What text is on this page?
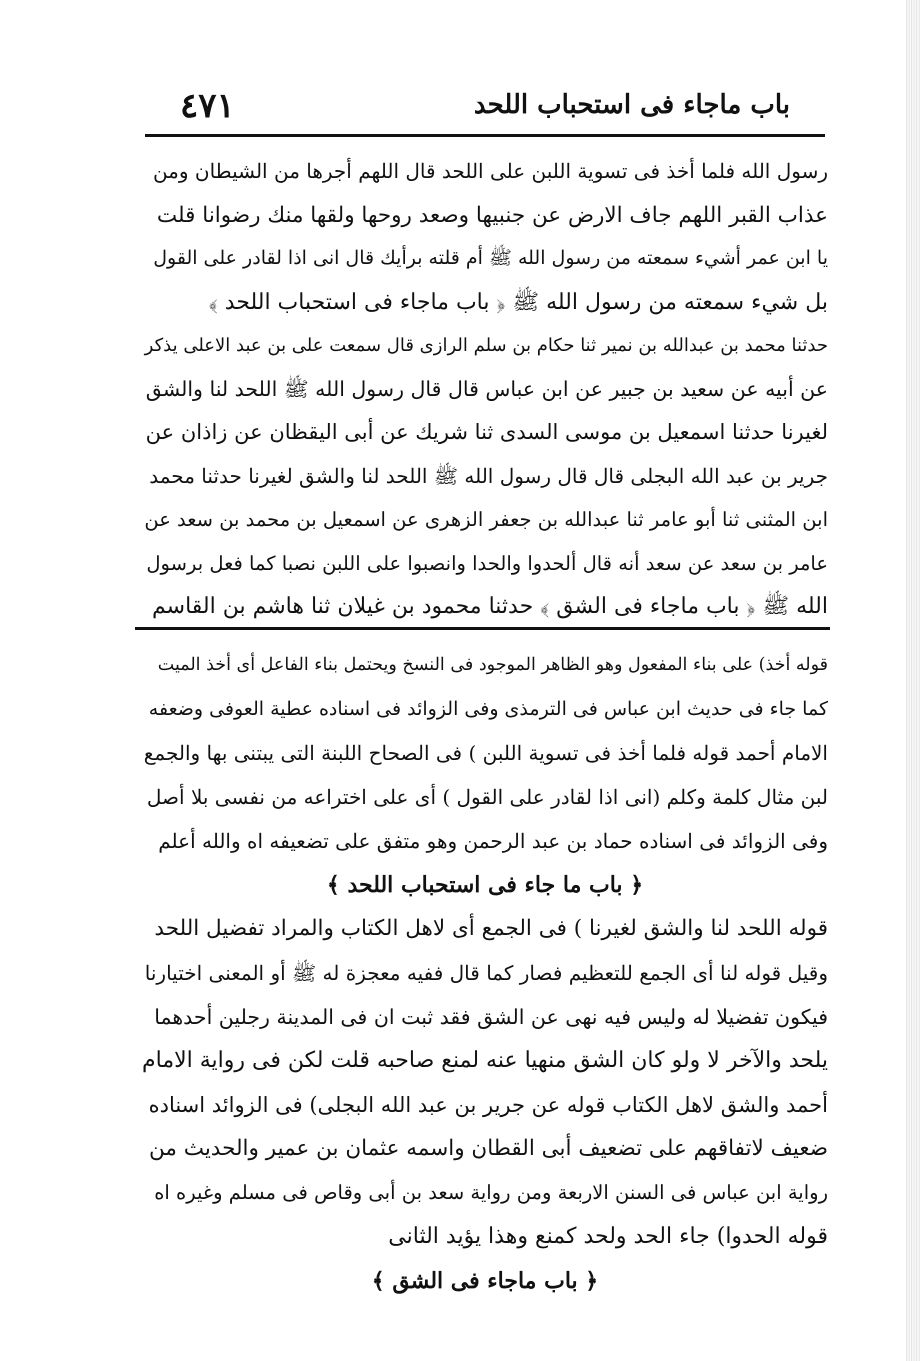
٤٧١	باب ماجاء فى استحباب اللحد
رسول الله فلما أخذ فى تسوية اللبن على اللحد قال اللهم أجرها من الشيطان ومن
عذاب القبر اللهم جاف الارض عن جنبيها وصعد روحها ولقها منك رضوانا قلت
يا ابن عمر أشيء سمعته من رسول الله ﷺ أم قلته برأيك قال انى اذا لقادر على القول
بل شيء سمعته من رسول الله ﷺ ﴿ باب ماجاء فى استحباب اللحد ﴾
حدثنا محمد بن عبدالله بن نمير ثنا حكام بن سلم الرازى قال سمعت على بن عبد الاعلى يذكر
عن أبيه عن سعيد بن جبير عن ابن عباس قال قال رسول الله ﷺ اللحد لنا والشق
لغيرنا حدثنا اسمعيل بن موسى السدى ثنا شريك عن أبى اليقظان عن زاذان عن
جرير بن عبد الله البجلى قال قال رسول الله ﷺ اللحد لنا والشق لغيرنا حدثنا محمد
ابن المثنى ثنا أبو عامر ثنا عبدالله بن جعفر الزهرى عن اسمعيل بن محمد بن سعد عن
عامر بن سعد عن سعد أنه قال ألحدوا والحدا وانصبوا على اللبن نصبا كما فعل برسول
الله ﷺ ﴿ باب ماجاء فى الشق ﴾ حدثنا محمود بن غيلان ثنا هاشم بن القاسم
قوله أخذ) على بناء المفعول وهو الظاهر الموجود فى النسخ ويحتمل بناء الفاعل أى أخذ الميت
كما جاء فى حديث ابن عباس فى الترمذى وفى الزوائد فى اسناده عطية العوفى وضعفه
الامام أحمد قوله فلما أخذ فى تسوية اللبن ) فى الصحاح اللبنة التى يبتنى بها والجمع
لبن مثال كلمة وكلم (انى اذا لقادر على القول ) أى على اختراعه من نفسى بلا أصل
وفى الزوائد فى اسناده حماد بن عبد الرحمن وهو متفق على تضعيفه اه والله أعلم
﴿ باب ما جاء فى استحباب اللحد ﴾
قوله اللحد لنا والشق لغيرنا ) فى الجمع أى لاهل الكتاب والمراد تفضيل اللحد
وقيل قوله لنا أى الجمع للتعظيم فصار كما قال ففيه معجزة له ﷺ أو المعنى اختيارنا
فيكون تفضيلا له وليس فيه نهى عن الشق فقد ثبت ان فى المدينة رجلين أحدهما
يلحد والآخر لا ولو كان الشق منهيا عنه لمنع صاحبه قلت لكن فى رواية الامام
أحمد والشق لاهل الكتاب قوله عن جرير بن عبد الله البجلى) فى الزوائد اسناده
ضعيف لاتفاقهم على تضعيف أبى القطان واسمه عثمان بن عمير والحديث من
رواية ابن عباس فى السنن الاربعة ومن رواية سعد بن أبى وقاص فى مسلم وغيره اه
قوله الحدوا) جاء الحد ولحد كمنع وهذا يؤيد الثانى
﴿ باب ماجاء فى الشق ﴾
